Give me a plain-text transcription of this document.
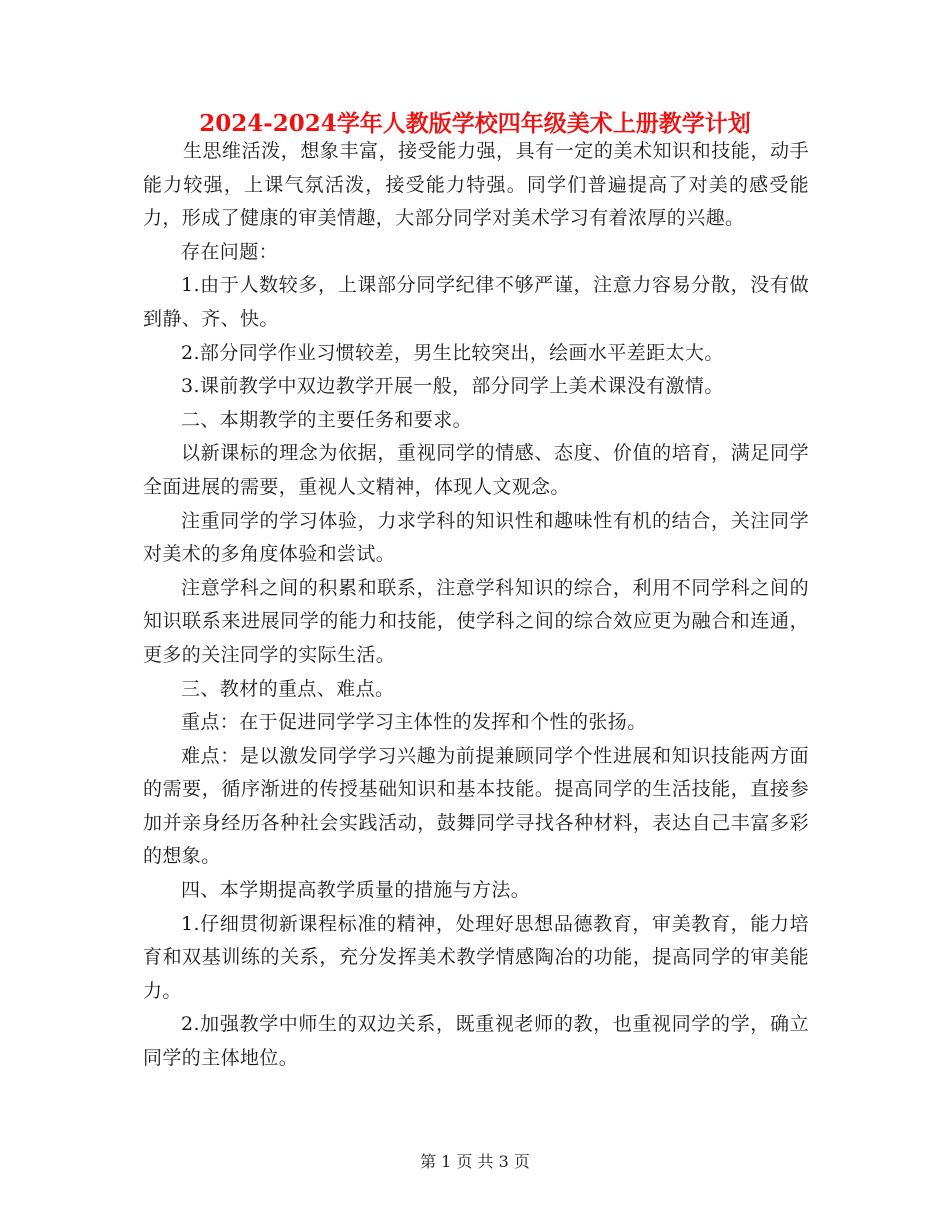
2024-2024学年人教版学校四年级美术上册教学计划

生思维活泼，想象丰富，接受能力强，具有一定的美术知识和技能，动手能力较强，上课气氛活泼，接受能力特强。同学们普遍提高了对美的感受能力，形成了健康的审美情趣，大部分同学对美术学习有着浓厚的兴趣。

存在问题：

1.由于人数较多，上课部分同学纪律不够严谨，注意力容易分散，没有做到静、齐、快。

2.部分同学作业习惯较差，男生比较突出，绘画水平差距太大。

3.课前教学中双边教学开展一般，部分同学上美术课没有激情。

二、本期教学的主要任务和要求。

以新课标的理念为依据，重视同学的情感、态度、价值的培育，满足同学全面进展的需要，重视人文精神，体现人文观念。

注重同学的学习体验，力求学科的知识性和趣味性有机的结合，关注同学对美术的多角度体验和尝试。

注意学科之间的积累和联系，注意学科知识的综合，利用不同学科之间的知识联系来进展同学的能力和技能，使学科之间的综合效应更为融合和连通，更多的关注同学的实际生活。

三、教材的重点、难点。

重点：在于促进同学学习主体性的发挥和个性的张扬。

难点：是以激发同学学习兴趣为前提兼顾同学个性进展和知识技能两方面的需要，循序渐进的传授基础知识和基本技能。提高同学的生活技能，直接参加并亲身经历各种社会实践活动，鼓舞同学寻找各种材料，表达自己丰富多彩的想象。

四、本学期提高教学质量的措施与方法。

1.仔细贯彻新课程标准的精神，处理好思想品德教育，审美教育，能力培育和双基训练的关系，充分发挥美术教学情感陶冶的功能，提高同学的审美能力。

2.加强教学中师生的双边关系，既重视老师的教，也重视同学的学，确立同学的主体地位。

第 1 页 共 3 页
